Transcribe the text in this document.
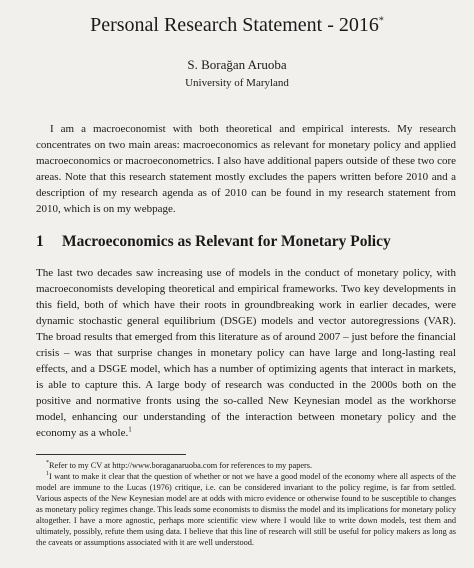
Personal Research Statement - 2016*
S. Borağan Aruoba
University of Maryland

I am a macroeconomist with both theoretical and empirical interests. My research concentrates on two main areas: macroeconomics as relevant for monetary policy and applied macroeconomics or macroeconometrics. I also have additional papers outside of these two core areas. Note that this research statement mostly excludes the papers written before 2010 and a description of my research agenda as of 2010 can be found in my research statement from 2010, which is on my webpage.

1 Macroeconomics as Relevant for Monetary Policy

The last two decades saw increasing use of models in the conduct of monetary policy, with macroeconomists developing theoretical and empirical frameworks. Two key developments in this field, both of which have their roots in groundbreaking work in earlier decades, were dynamic stochastic general equilibrium (DSGE) models and vector autoregressions (VAR). The broad results that emerged from this literature as of around 2007 – just before the financial crisis – was that surprise changes in monetary policy can have large and long-lasting real effects, and a DSGE model, which has a number of optimizing agents that interact in markets, is able to capture this. A large body of research was conducted in the 2000s both on the positive and normative fronts using the so-called New Keynesian model as the workhorse model, enhancing our understanding of the interaction between monetary policy and the economy as a whole.$^1$

*Refer to my CV at http://www.boraganaruoba.com for references to my papers.

$^1$I want to make it clear that the question of whether or not we have a good model of the economy where all aspects of the model are immune to the Lucas (1976) critique, i.e. can be considered invariant to the policy regime, is far from settled. Various aspects of the New Keynesian model are at odds with micro evidence or otherwise found to be susceptible to changes as monetary policy regimes change. This leads some economists to dismiss the model and its implications for monetary policy altogether. I have a more agnostic, perhaps more scientific view where I would like to write down models, test them and ultimately, possibly, refute them using data. I believe that this line of research will still be useful for policy makers as long as the caveats or assumptions associated with it are well understood.
